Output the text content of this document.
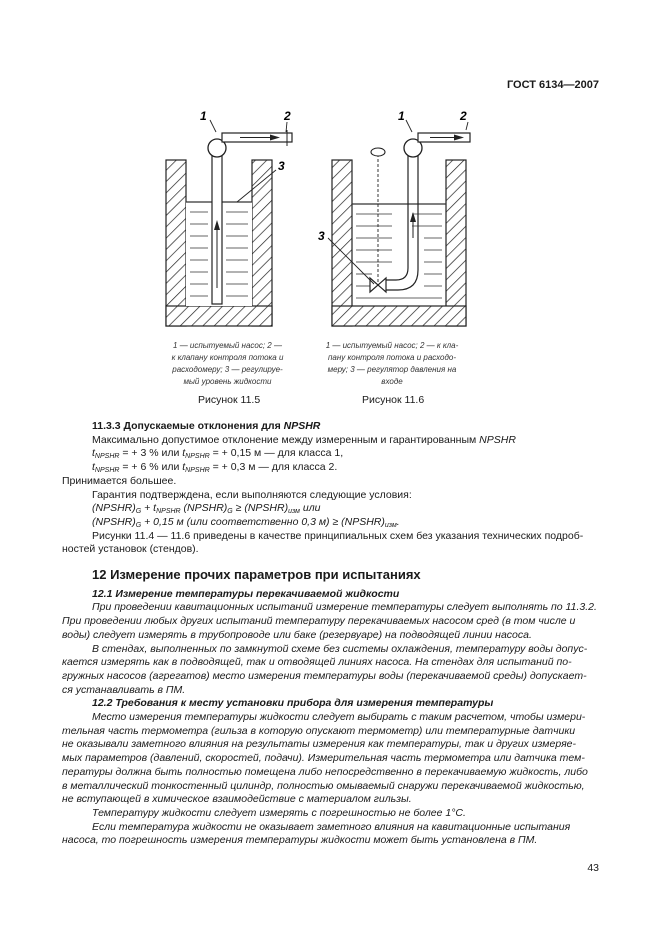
ГОСТ 6134—2007
1	2
3
1 — испытуемый насос; 2 —
к клапану контроля потока и
расходомеру; 3 — регулируе-
мый уровень жидкости
Рисунок 11.5
1	2
3
1 — испытуемый насос; 2 — к клa-
пану контроля потока и расходо-
меру; 3 — регулятор давления на
входе
Рисунок 11.6

11.3.3 Допускаемые отклонения для NPSHR

Максимально допустимое отклонение между измеренным и гарантированным NPSHR

$t_{NPSHR}$ = + 3 % или $t_{NPSHR}$ = + 0,15 м — для класса 1,

$t_{NPSHR}$ = + 6 % или $t_{NPSHR}$ = + 0,3 м — для класса 2.

Принимается большее.

Гарантия подтверждена, если выполняются следующие условия:

$(NPSHR)_G + t_{NPSHR}$ $(NPSHR)_G$ ≥ $(NPSHR)_{изм}$ или

$(NPSHR)_G + 0,15$ м (или соответственно 0,3 $м) \ge (NPSHR)_{изм}$.

Рисунки 11.4 — 11.6 приведены в качестве принципиальных схем без указания технических подроб-

ностей установок (стендов).

12 Измерение прочих параметров при испытаниях

12.1 Измерение температуры перекачиваемой жидкости

При проведении кавитационных испытаний измерение температуры следует выполнять по 11.3.2.

При проведении любых других испытаний температуру перекачиваемых насосом сред (в том числе и

воды) следует измерять в трубопроводе или баке (резервуаре) на подводящей линии насоса.

В стендах, выполненных по замкнутой схеме без системы охлаждения, температуру воды допус-

кается измерять как в подводящей, так и отводящей линиях насоса. На стендах для испытаний по-

гружных насосов (агрегатов) место измерения температуры воды (перекачиваемой среды) допускает-

ся устанавливать в ПМ.

12.2 Требования к месту установки прибора для измерения температуры

Место измерения температуры жидкости следует выбирать с таким расчетом, чтобы измери-

тельная часть термометра (гильза в которую опускают термометр) или температурные датчики

не оказывали заметного влияния на результаты измерения как температуры, так и других измеряе-

мых параметров (давлений, скоростей, подачи). Измерительная часть термометра или датчика тем-

пературы должна быть полностью помещена либо непосредственно в перекачиваемую жидкость, либо

в металлический тонкостенный цилиндр, полностью омываемый снаружи перекачиваемой жидкостью,

не вступающей в химическое взаимодействие с материалом гильзы.

Температуру жидкости следует измерять с погрешностью не более 1°С.

Если температура жидкости не оказывает заметного влияния на кавитационные испытания

насоса, то погрешность измерения температуры жидкости может быть установлена в ПМ.

43
